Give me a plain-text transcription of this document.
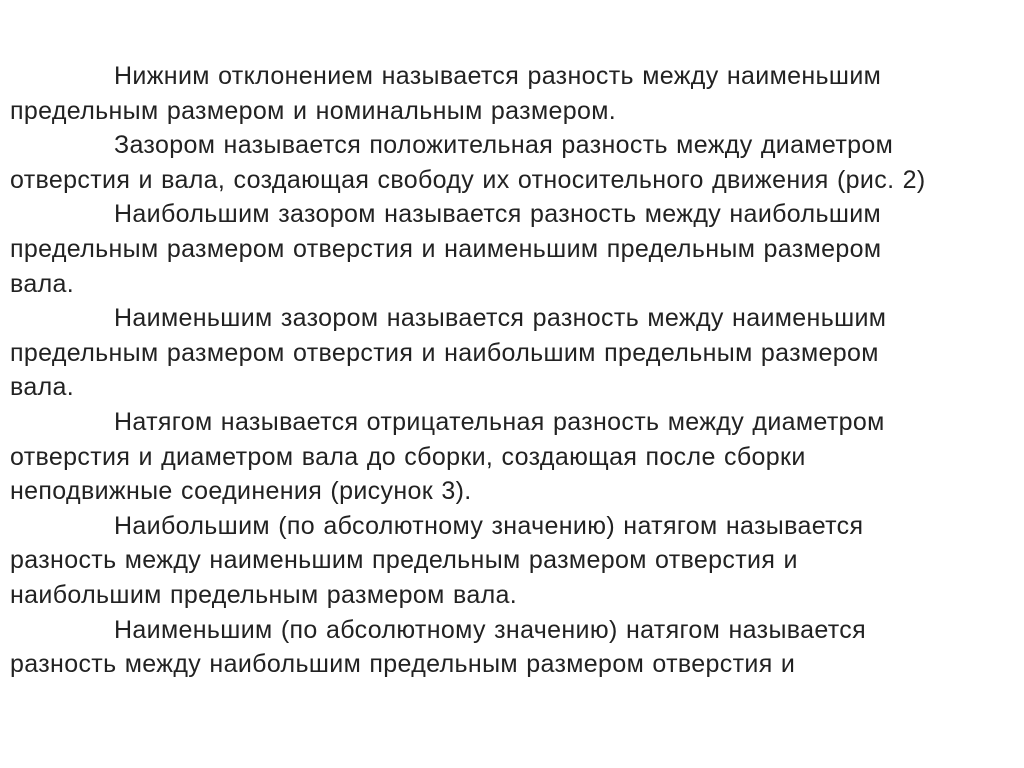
Нижним отклонением называется разность между наименьшим
предельным размером и номинальным размером.
Зазором называется положительная разность между диаметром
отверстия и вала, создающая свободу их относительного движения (рис. 2)
Наибольшим зазором называется разность между наибольшим
предельным размером отверстия и наименьшим предельным размером
вала.
Наименьшим зазором называется разность между наименьшим
предельным размером отверстия и наибольшим предельным размером
вала.
Натягом называется отрицательная разность между диаметром
отверстия и диаметром вала до сборки, создающая после сборки
неподвижные соединения (рисунок 3).
Наибольшим (по абсолютному значению) натягом называется
разность между наименьшим предельным размером отверстия и
наибольшим предельным размером вала.
Наименьшим (по абсолютному значению) натягом называется
разность между наибольшим предельным размером отверстия и
